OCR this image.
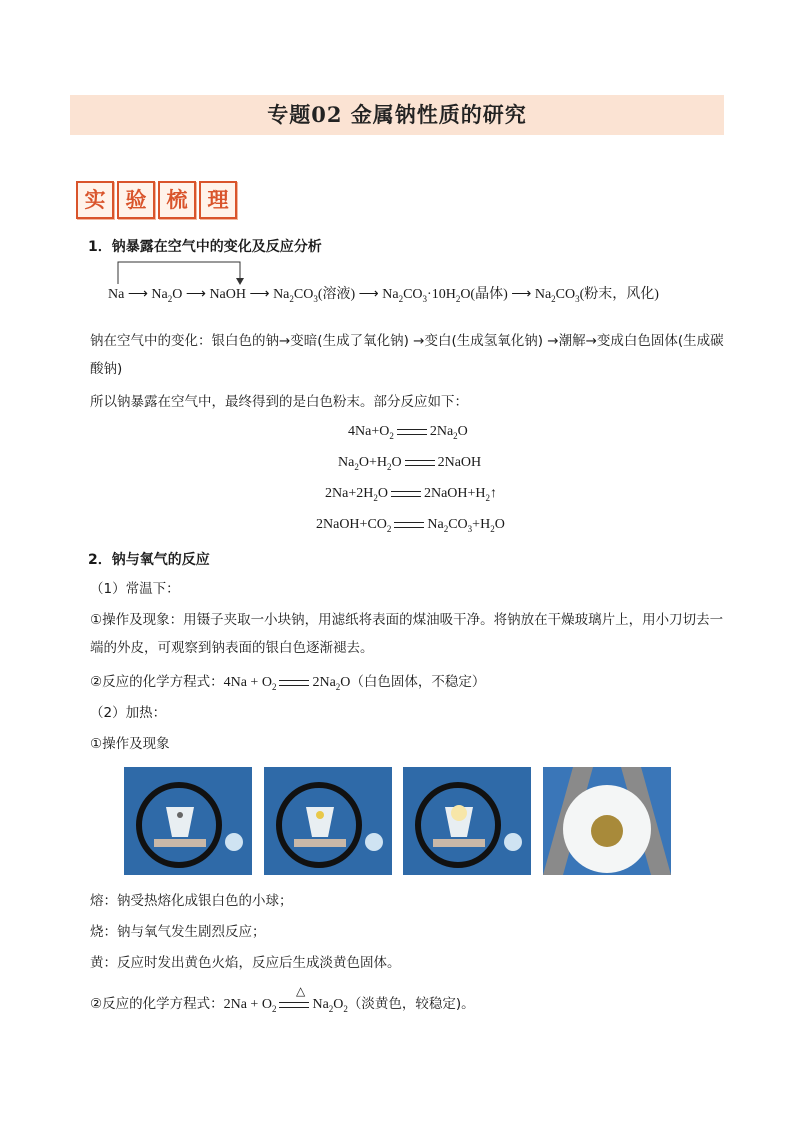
专题02 金属钠性质的研究
实 验 梳 理
1．钠暴露在空气中的变化及反应分析
Na ⟶ $Na_2O$ ⟶ NaOH ⟶ $Na_2CO_3$(溶液) ⟶ $Na_2CO_3\cdot 10H_2O$(晶体) ⟶ $Na_2CO_3$(粉末，风化)
钠在空气中的变化：银白色的钠→变暗(生成了氧化钠) →变白(生成氢氧化钠) →潮解→变成白色固体(生成碳酸钠)
所以钠暴露在空气中，最终得到的是白色粉末。部分反应如下：
$4Na+O_2$	$2Na_2O$
$Na_2O+H_2O$	2NaOH
$2Na+2H_2O$	$2NaOH+H_2↑$
$2NaOH+CO_2$	$Na_2CO_3+H_2O$
2．钠与氧气的反应
（1）常温下：
①操作及现象：用镊子夹取一小块钠，用滤纸将表面的煤油吸干净。将钠放在干燥玻璃片上，用小刀切去一端的外皮，可观察到钠表面的银白色逐渐褪去。
②反应的化学方程式：$4Na + O_2$	$2Na_2O$（白色固体，不稳定）
（2）加热：
①操作及现象
熔：钠受热熔化成银白色的小球；
烧：钠与氧气发生剧烈反应；
黄：反应时发出黄色火焰，反应后生成淡黄色固体。
△
②反应的化学方程式：$2Na + O_2$	$Na_2O_2$（淡黄色，较稳定)。
